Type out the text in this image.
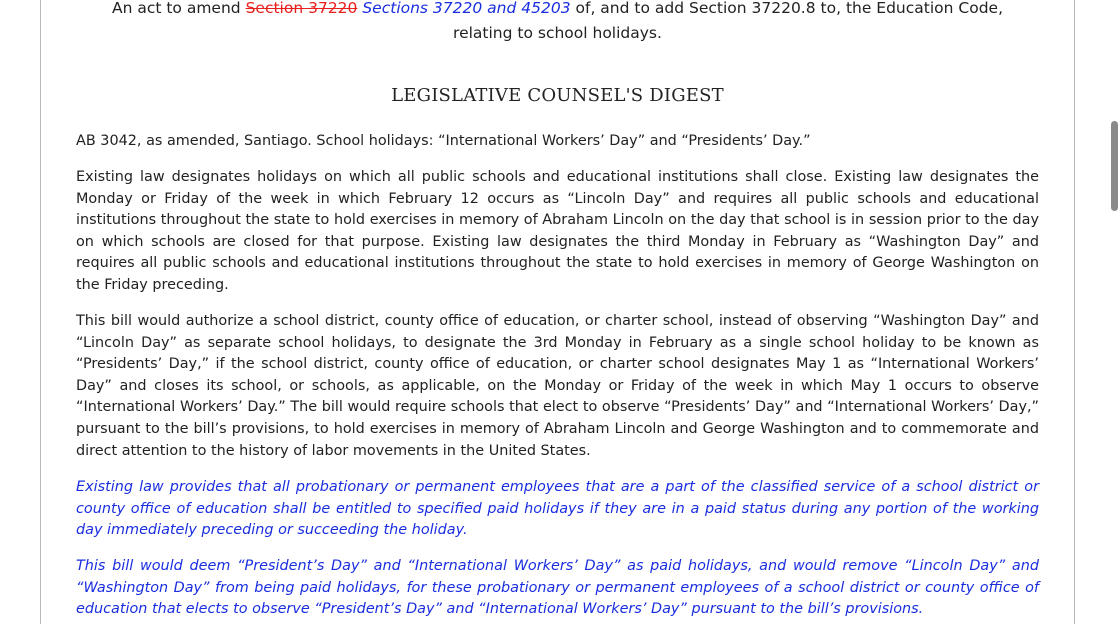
An act to amend Section 37220 Sections 37220 and 45203 of, and to add Section 37220.8 to, the Education Code,
relating to school holidays.
LEGISLATIVE COUNSEL'S DIGEST

AB 3042, as amended, Santiago. School holidays: “International Workers’ Day” and “Presidents’ Day.”

Existing law designates holidays on which all public schools and educational institutions shall close. Existing law designates the Monday or Friday of the week in which February 12 occurs as “Lincoln Day” and requires all public schools and educational institutions throughout the state to hold exercises in memory of Abraham Lincoln on the day that school is in session prior to the day on which schools are closed for that purpose. Existing law designates the third Monday in February as “Washington Day” and requires all public schools and educational institutions throughout the state to hold exercises in memory of George Washington on the Friday preceding.

This bill would authorize a school district, county office of education, or charter school, instead of observing “Washington Day” and “Lincoln Day” as separate school holidays, to designate the 3rd Monday in February as a single school holiday to be known as “Presidents’ Day,” if the school district, county office of education, or charter school designates May 1 as “International Workers’ Day” and closes its school, or schools, as applicable, on the Monday or Friday of the week in which May 1 occurs to observe “International Workers’ Day.” The bill would require schools that elect to observe “Presidents’ Day” and “International Workers’ Day,” pursuant to the bill’s provisions, to hold exercises in memory of Abraham Lincoln and George Washington and to commemorate and direct attention to the history of labor movements in the United States.

Existing law provides that all probationary or permanent employees that are a part of the classified service of a school district or county office of education shall be entitled to specified paid holidays if they are in a paid status during any portion of the working day immediately preceding or succeeding the holiday.

This bill would deem “President’s Day” and “International Workers’ Day” as paid holidays, and would remove “Lincoln Day” and “Washington Day” from being paid holidays, for these probationary or permanent employees of a school district or county office of education that elects to observe “President’s Day” and “International Workers’ Day” pursuant to the bill’s provisions.
